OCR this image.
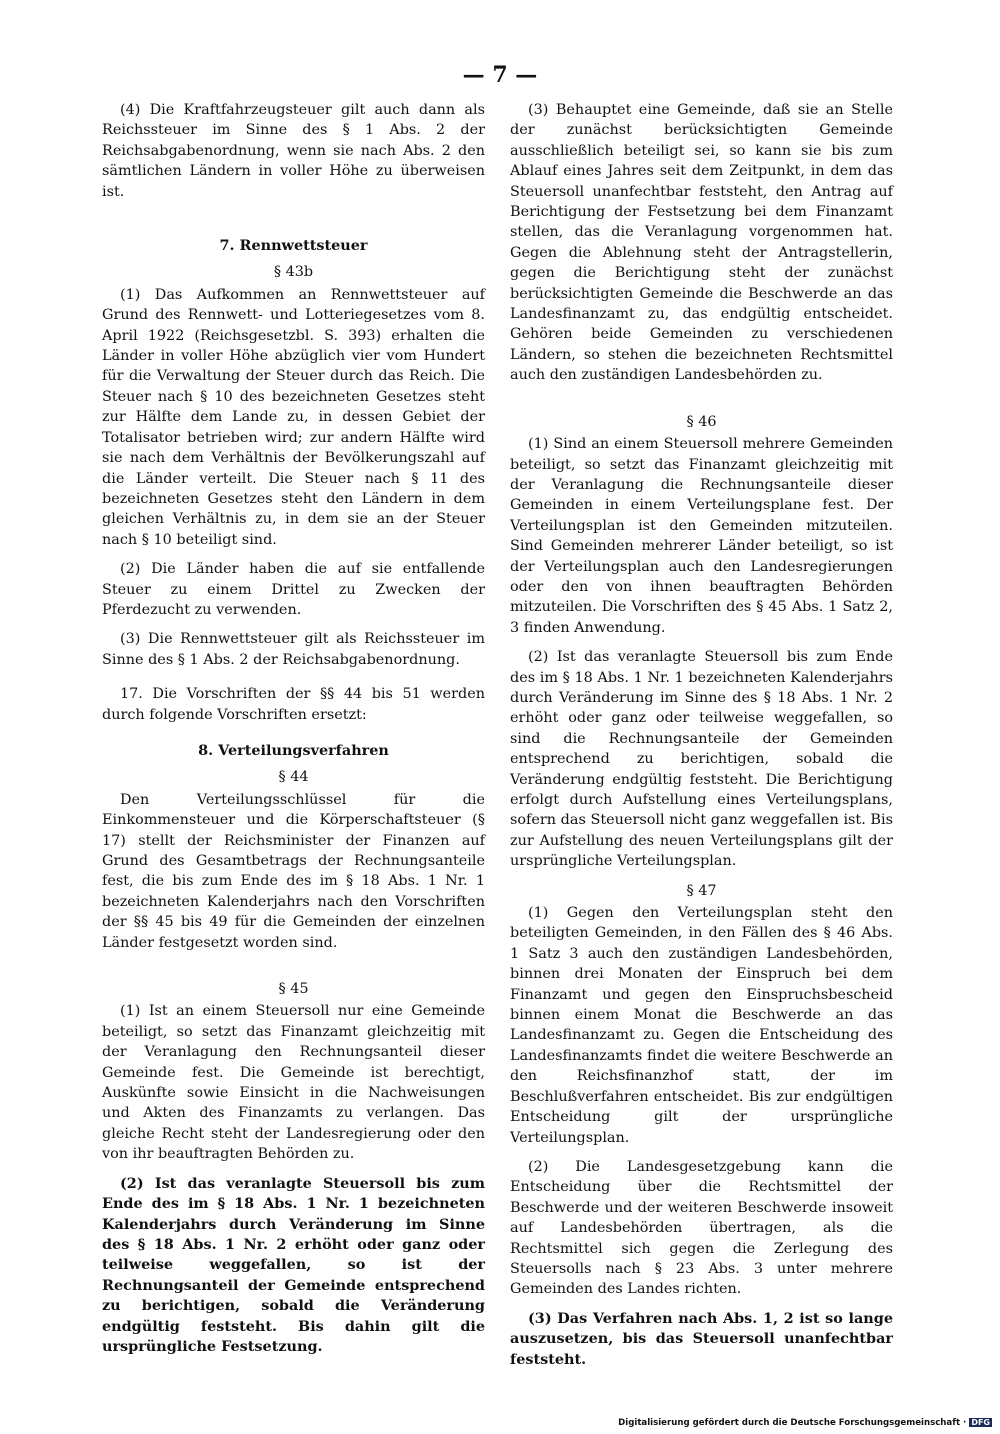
— 7 —

(4) Die Kraftfahrzeugsteuer gilt auch dann als Reichssteuer im Sinne des § 1 Abs. 2 der Reichsabgabenordnung, wenn sie nach Abs. 2 den sämtlichen Ländern in voller Höhe zu überweisen ist.

7. Rennwettsteuer

§ 43b

(1) Das Aufkommen an Rennwettsteuer auf Grund des Rennwett- und Lotteriegesetzes vom 8. April 1922 (Reichsgesetzbl. S. 393) erhalten die Länder in voller Höhe abzüglich vier vom Hundert für die Verwaltung der Steuer durch das Reich. Die Steuer nach § 10 des bezeichneten Gesetzes steht zur Hälfte dem Lande zu, in dessen Gebiet der Totalisator betrieben wird; zur andern Hälfte wird sie nach dem Verhältnis der Bevölkerungszahl auf die Länder verteilt. Die Steuer nach § 11 des bezeichneten Gesetzes steht den Ländern in dem gleichen Verhältnis zu, in dem sie an der Steuer nach § 10 beteiligt sind.

(2) Die Länder haben die auf sie entfallende Steuer zu einem Drittel zu Zwecken der Pferdezucht zu verwenden.

(3) Die Rennwettsteuer gilt als Reichssteuer im Sinne des § 1 Abs. 2 der Reichsabgabenordnung.

17. Die Vorschriften der §§ 44 bis 51 werden durch folgende Vorschriften ersetzt:

8. Verteilungsverfahren

§ 44

Den Verteilungsschlüssel für die Einkommensteuer und die Körperschaftsteuer (§ 17) stellt der Reichsminister der Finanzen auf Grund des Gesamtbetrags der Rechnungsanteile fest, die bis zum Ende des im § 18 Abs. 1 Nr. 1 bezeichneten Kalenderjahrs nach den Vorschriften der §§ 45 bis 49 für die Gemeinden der einzelnen Länder festgesetzt worden sind.

§ 45

(1) Ist an einem Steuersoll nur eine Gemeinde beteiligt, so setzt das Finanzamt gleichzeitig mit der Veranlagung den Rechnungsanteil dieser Gemeinde fest. Die Gemeinde ist berechtigt, Auskünfte sowie Einsicht in die Nachweisungen und Akten des Finanzamts zu verlangen. Das gleiche Recht steht der Landesregierung oder den von ihr beauftragten Behörden zu.

(2) Ist das veranlagte Steuersoll bis zum Ende des im § 18 Abs. 1 Nr. 1 bezeichneten Kalenderjahrs durch Veränderung im Sinne des § 18 Abs. 1 Nr. 2 erhöht oder ganz oder teilweise weggefallen, so ist der Rechnungsanteil der Gemeinde entsprechend zu berichtigen, sobald die Veränderung endgültig feststeht. Bis dahin gilt die ursprüngliche Festsetzung.

(3) Behauptet eine Gemeinde, daß sie an Stelle der zunächst berücksichtigten Gemeinde ausschließlich beteiligt sei, so kann sie bis zum Ablauf eines Jahres seit dem Zeitpunkt, in dem das Steuersoll unanfechtbar feststeht, den Antrag auf Berichtigung der Festsetzung bei dem Finanzamt stellen, das die Veranlagung vorgenommen hat. Gegen die Ablehnung steht der Antragstellerin, gegen die Berichtigung steht der zunächst berücksichtigten Gemeinde die Beschwerde an das Landesfinanzamt zu, das endgültig entscheidet. Gehören beide Gemeinden zu verschiedenen Ländern, so stehen die bezeichneten Rechtsmittel auch den zuständigen Landesbehörden zu.

§ 46

(1) Sind an einem Steuersoll mehrere Gemeinden beteiligt, so setzt das Finanzamt gleichzeitig mit der Veranlagung die Rechnungsanteile dieser Gemeinden in einem Verteilungsplane fest. Der Verteilungsplan ist den Gemeinden mitzuteilen. Sind Gemeinden mehrerer Länder beteiligt, so ist der Verteilungsplan auch den Landesregierungen oder den von ihnen beauftragten Behörden mitzuteilen. Die Vorschriften des § 45 Abs. 1 Satz 2, 3 finden Anwendung.

(2) Ist das veranlagte Steuersoll bis zum Ende des im § 18 Abs. 1 Nr. 1 bezeichneten Kalenderjahrs durch Veränderung im Sinne des § 18 Abs. 1 Nr. 2 erhöht oder ganz oder teilweise weggefallen, so sind die Rechnungsanteile der Gemeinden entsprechend zu berichtigen, sobald die Veränderung endgültig feststeht. Die Berichtigung erfolgt durch Aufstellung eines Verteilungsplans, sofern das Steuersoll nicht ganz weggefallen ist. Bis zur Aufstellung des neuen Verteilungsplans gilt der ursprüngliche Verteilungsplan.

§ 47

(1) Gegen den Verteilungsplan steht den beteiligten Gemeinden, in den Fällen des § 46 Abs. 1 Satz 3 auch den zuständigen Landesbehörden, binnen drei Monaten der Einspruch bei dem Finanzamt und gegen den Einspruchsbescheid binnen einem Monat die Beschwerde an das Landesfinanzamt zu. Gegen die Entscheidung des Landesfinanzamts findet die weitere Beschwerde an den Reichsfinanzhof statt, der im Beschlußverfahren entscheidet. Bis zur endgültigen Entscheidung gilt der ursprüngliche Verteilungsplan.

(2) Die Landesgesetzgebung kann die Entscheidung über die Rechtsmittel der Beschwerde und der weiteren Beschwerde insoweit auf Landesbehörden übertragen, als die Rechtsmittel sich gegen die Zerlegung des Steuersolls nach § 23 Abs. 3 unter mehrere Gemeinden des Landes richten.

(3) Das Verfahren nach Abs. 1, 2 ist so lange auszusetzen, bis das Steuersoll unanfechtbar feststeht.

Digitalisierung gefördert durch die Deutsche Forschungsgemeinschaft · DFG
